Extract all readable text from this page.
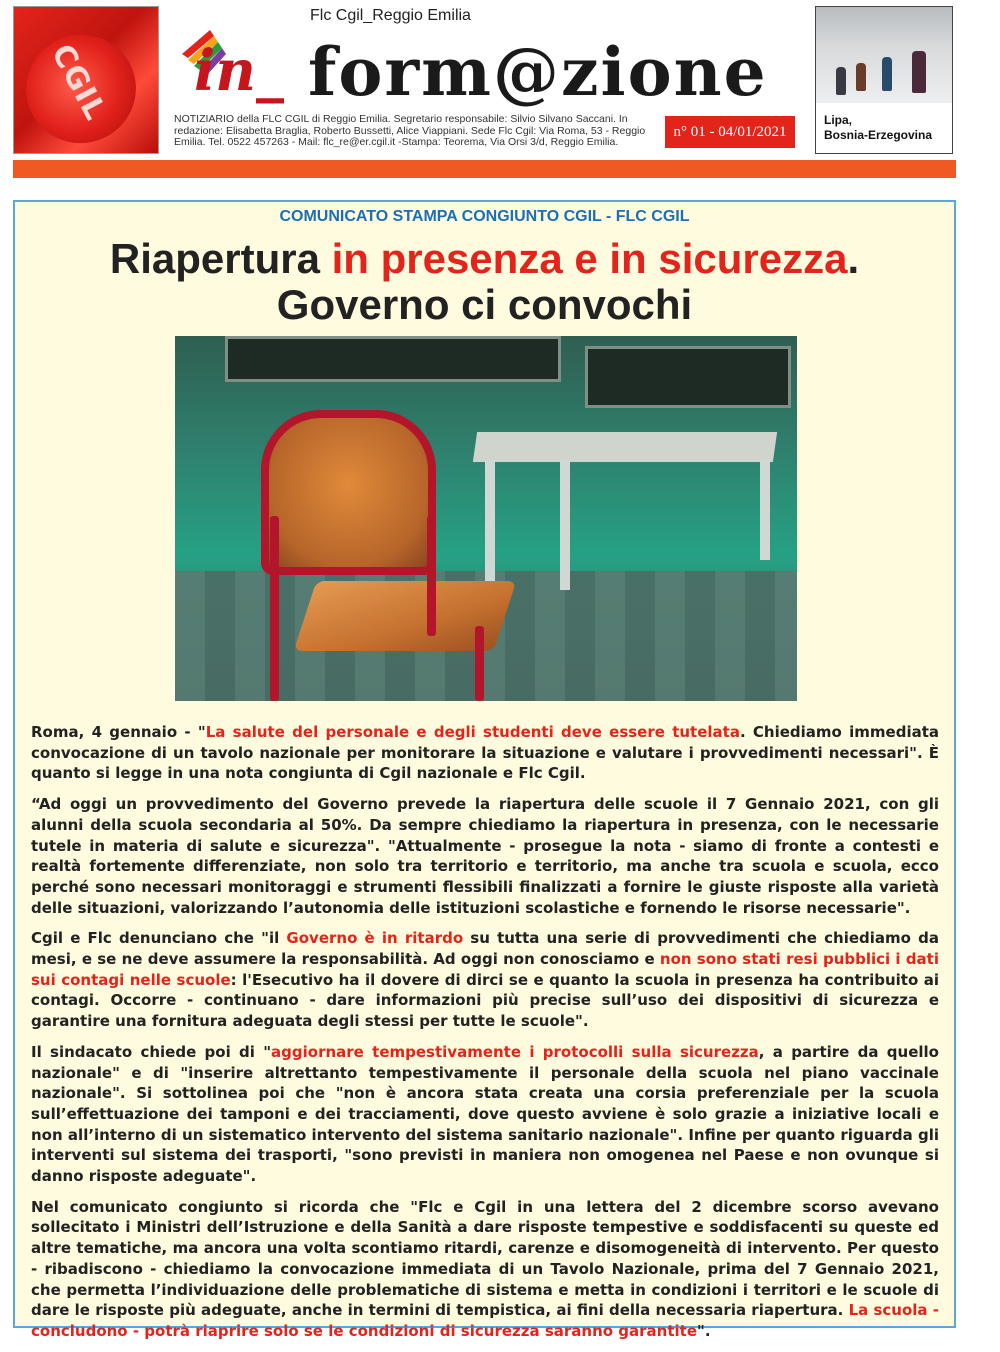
CGIL
Flc Cgil_Reggio Emilia
in_ form@zione
NOTIZIARIO della FLC CGIL di Reggio Emilia. Segretario responsabile: Silvio Silvano Saccani. In redazione: Elisabetta Braglia, Roberto Bussetti, Alice Viappiani. Sede Flc Cgil: Via Roma, 53 - Reggio Emilia. Tel. 0522 457263 - Mail: flc_re@er.cgil.it -Stampa: Teorema, Via Orsi 3/d, Reggio Emilia.
n° 01 - 04/01/2021
Lipa,
Bosnia-Erzegovina
COMUNICATO STAMPA CONGIUNTO CGIL - FLC CGIL
Riapertura in presenza e in sicurezza.
Governo ci convochi

Roma, 4 gennaio - "La salute del personale e degli studenti deve essere tutelata. Chiediamo immediata convocazione di un tavolo nazionale per monitorare la situazione e valutare i provvedimenti necessari". È quanto si legge in una nota congiunta di Cgil nazionale e Flc Cgil.

“Ad oggi un provvedimento del Governo prevede la riapertura delle scuole il 7 Gennaio 2021, con gli alunni della scuola secondaria al 50%. Da sempre chiediamo la riapertura in presenza, con le necessarie tutele in materia di salute e sicurezza". "Attualmente - prosegue la nota - siamo di fronte a contesti e realtà fortemente differenziate, non solo tra territorio e territorio, ma anche tra scuola e scuola, ecco perché sono necessari monitoraggi e strumenti flessibili finalizzati a fornire le giuste risposte alla varietà delle situazioni, valorizzando l’autonomia delle istituzioni scolastiche e fornendo le risorse necessarie".

Cgil e Flc denunciano che "il Governo è in ritardo su tutta una serie di provvedimenti che chiediamo da mesi, e se ne deve assumere la responsabilità. Ad oggi non conosciamo e non sono stati resi pubblici i dati sui contagi nelle scuole: l'Esecutivo ha il dovere di dirci se e quanto la scuola in presenza ha contribuito ai contagi. Occorre - continuano - dare informazioni più precise sull’uso dei dispositivi di sicurezza e garantire una fornitura adeguata degli stessi per tutte le scuole".

Il sindacato chiede poi di "aggiornare tempestivamente i protocolli sulla sicurezza, a partire da quello nazionale" e di "inserire altrettanto tempestivamente il personale della scuola nel piano vaccinale nazionale". Si sottolinea poi che "non è ancora stata creata una corsia preferenziale per la scuola sull’effettuazione dei tamponi e dei tracciamenti, dove questo avviene è solo grazie a iniziative locali e non all’interno di un sistematico intervento del sistema sanitario nazionale". Infine per quanto riguarda gli interventi sul sistema dei trasporti, "sono previsti in maniera non omogenea nel Paese e non ovunque si danno risposte adeguate".

Nel comunicato congiunto si ricorda che "Flc e Cgil in una lettera del 2 dicembre scorso avevano sollecitato i Ministri dell’Istruzione e della Sanità a dare risposte tempestive e soddisfacenti su queste ed altre tematiche, ma ancora una volta scontiamo ritardi, carenze e disomogeneità di intervento. Per questo - ribadiscono - chiediamo la convocazione immediata di un Tavolo Nazionale, prima del 7 Gennaio 2021, che permetta l’individuazione delle problematiche di sistema e metta in condizioni i territori e le scuole di dare le risposte più adeguate, anche in termini di tempistica, ai fini della necessaria riapertura. La scuola - concludono - potrà riaprire solo se le condizioni di sicurezza saranno garantite".
